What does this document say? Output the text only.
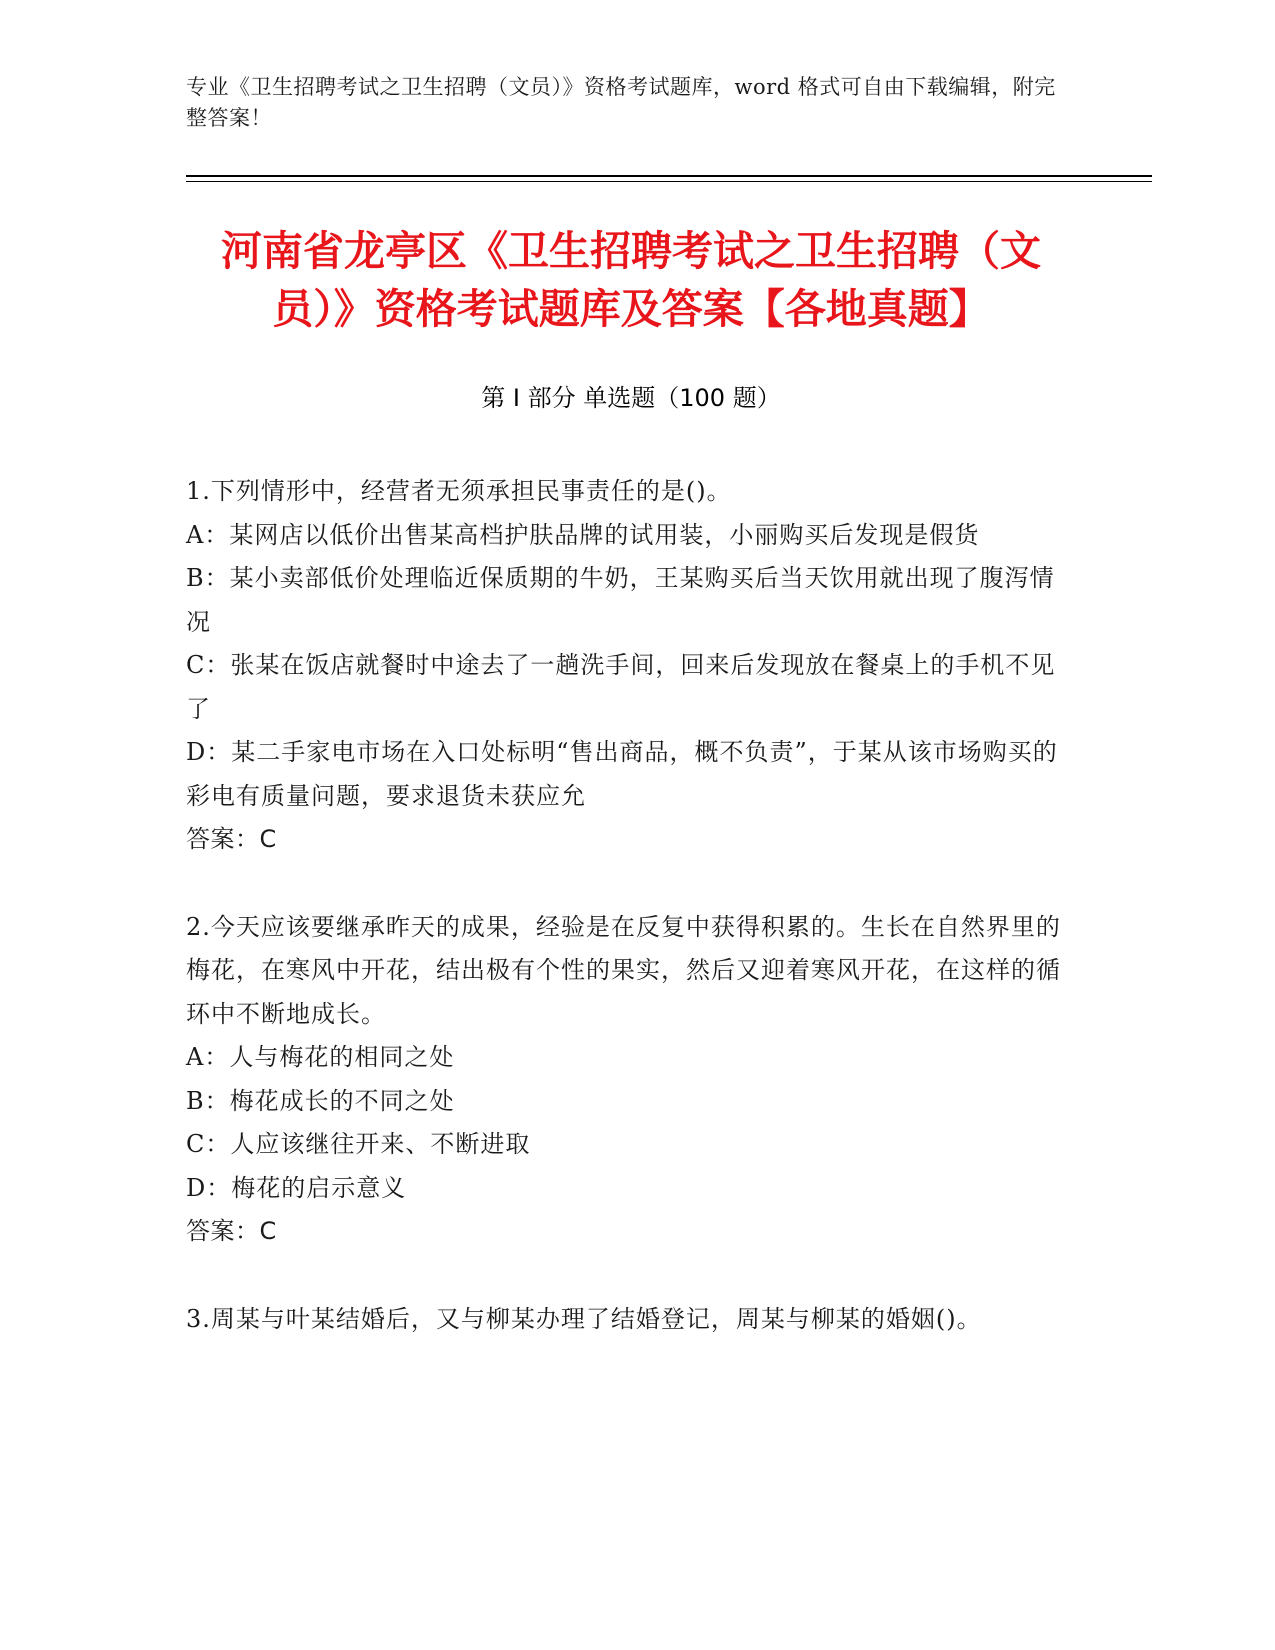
专业《卫生招聘考试之卫生招聘（文员）》资格考试题库，word 格式可自由下载编辑，附完整答案！
河南省龙亭区《卫生招聘考试之卫生招聘（文员）》资格考试题库及答案【各地真题】
第 I 部分 单选题（100 题）

1.下列情形中，经营者无须承担民事责任的是()。

A：某网店以低价出售某高档护肤品牌的试用装，小丽购买后发现是假货

B：某小卖部低价处理临近保质期的牛奶，王某购买后当天饮用就出现了腹泻情况

C：张某在饭店就餐时中途去了一趟洗手间，回来后发现放在餐桌上的手机不见了

D：某二手家电市场在入口处标明“售出商品，概不负责”，于某从该市场购买的彩电有质量问题，要求退货未获应允

答案：C

2.今天应该要继承昨天的成果，经验是在反复中获得积累的。生长在自然界里的梅花，在寒风中开花，结出极有个性的果实，然后又迎着寒风开花，在这样的循环中不断地成长。

A：人与梅花的相同之处

B：梅花成长的不同之处

C：人应该继往开来、不断进取

D：梅花的启示意义

答案：C

3.周某与叶某结婚后，又与柳某办理了结婚登记，周某与柳某的婚姻()。
